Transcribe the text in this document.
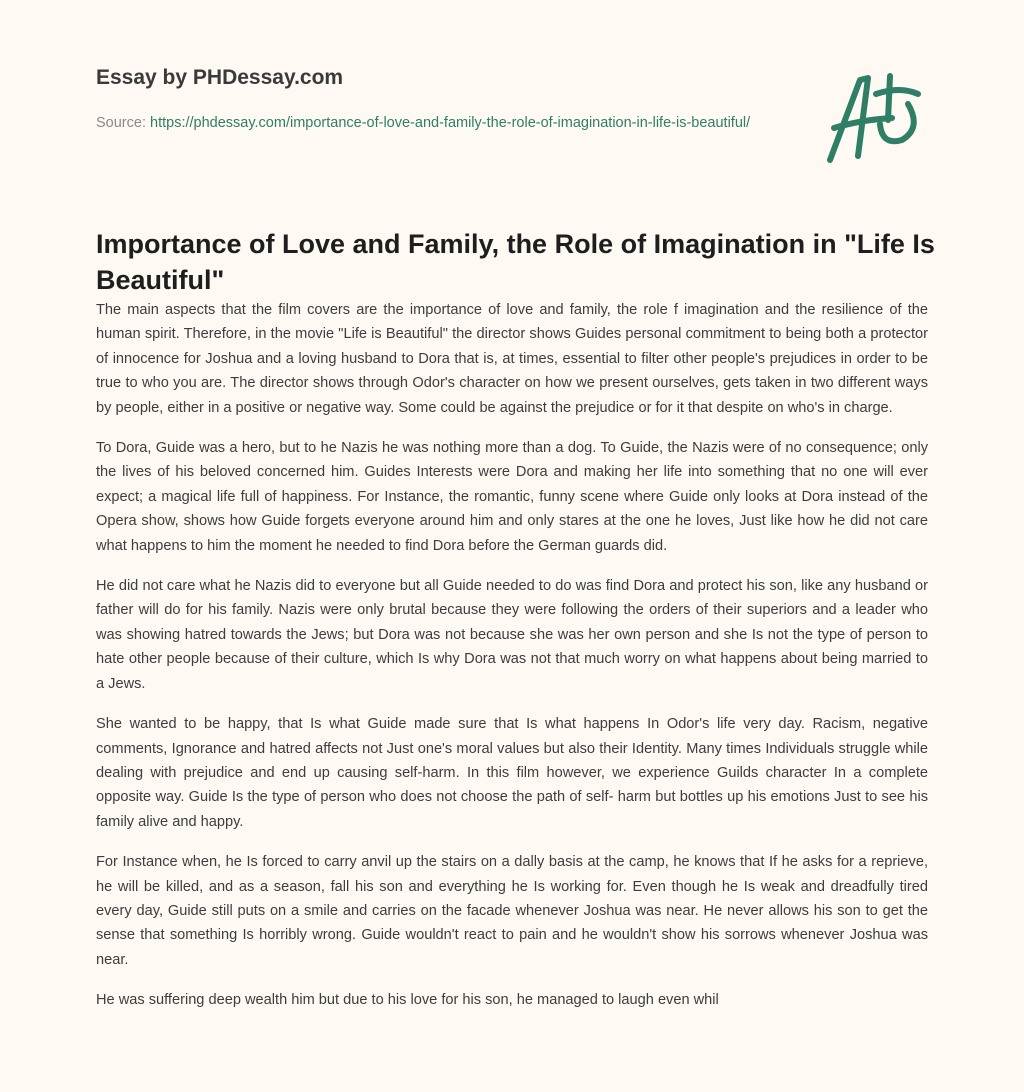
Essay by PHDessay.com
Source: https://phdessay.com/importance-of-love-and-family-the-role-of-imagination-in-life-is-beautiful/
Importance of Love and Family, the Role of Imagination in "Life Is Beautiful"

The main aspects that the film covers are the importance of love and family, the role f imagination and the resilience of the human spirit. Therefore, in the movie "Life is Beautiful" the director shows Guides personal commitment to being both a protector of innocence for Joshua and a loving husband to Dora that is, at times, essential to filter other people's prejudices in order to be true to who you are. The director shows through Odor's character on how we present ourselves, gets taken in two different ways by people, either in a positive or negative way. Some could be against the prejudice or for it that despite on who's in charge.

To Dora, Guide was a hero, but to he Nazis he was nothing more than a dog. To Guide, the Nazis were of no consequence; only the lives of his beloved concerned him. Guides Interests were Dora and making her life into something that no one will ever expect; a magical life full of happiness. For Instance, the romantic, funny scene where Guide only looks at Dora instead of the Opera show, shows how Guide forgets everyone around him and only stares at the one he loves, Just like how he did not care what happens to him the moment he needed to find Dora before the German guards did.

He did not care what he Nazis did to everyone but all Guide needed to do was find Dora and protect his son, like any husband or father will do for his family. Nazis were only brutal because they were following the orders of their superiors and a leader who was showing hatred towards the Jews; but Dora was not because she was her own person and she Is not the type of person to hate other people because of their culture, which Is why Dora was not that much worry on what happens about being married to a Jews.

She wanted to be happy, that Is what Guide made sure that Is what happens In Odor's life very day. Racism, negative comments, Ignorance and hatred affects not Just one's moral values but also their Identity. Many times Individuals struggle while dealing with prejudice and end up causing self-harm. In this film however, we experience Guilds character In a complete opposite way. Guide Is the type of person who does not choose the path of self- harm but bottles up his emotions Just to see his family alive and happy.

For Instance when, he Is forced to carry anvil up the stairs on a dally basis at the camp, he knows that If he asks for a reprieve, he will be killed, and as a season, fall his son and everything he Is working for. Even though he Is weak and dreadfully tired every day, Guide still puts on a smile and carries on the facade whenever Joshua was near. He never allows his son to get the sense that something Is horribly wrong. Guide wouldn't react to pain and he wouldn't show his sorrows whenever Joshua was near.

He was suffering deep wealth him but due to his love for his son, he managed to laugh even whil
